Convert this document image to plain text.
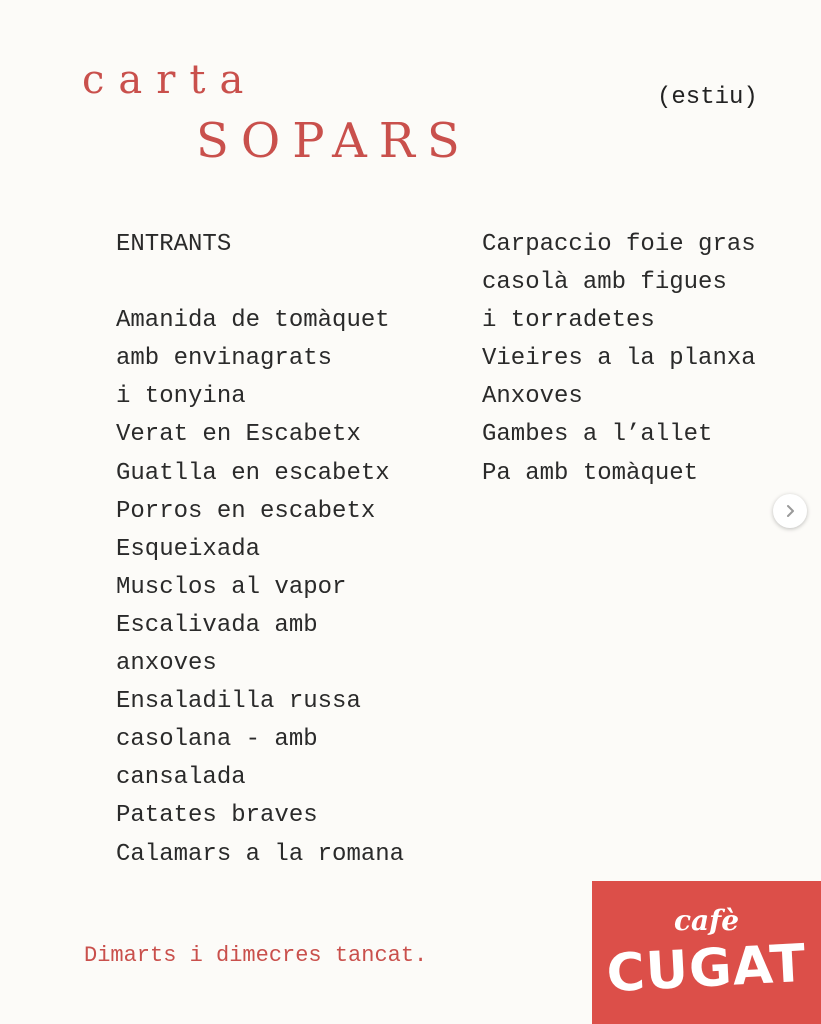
carta
SOPARS
(estiu)
ENTRANTS
Amanida de tomàquet
amb envinagrats
i tonyina
Verat en Escabetx
Guatlla en escabetx
Porros en escabetx
Esqueixada
Musclos al vapor
Escalivada amb
anxoves
Ensaladilla russa
casolana - amb
cansalada
Patates braves
Calamars a la romana
Carpaccio foie gras
casolà amb figues
i torradetes
Vieires a la planxa
Anxoves
Gambes a l’allet
Pa amb tomàquet
Dimarts i dimecres tancat.
cafè
CUGAT
